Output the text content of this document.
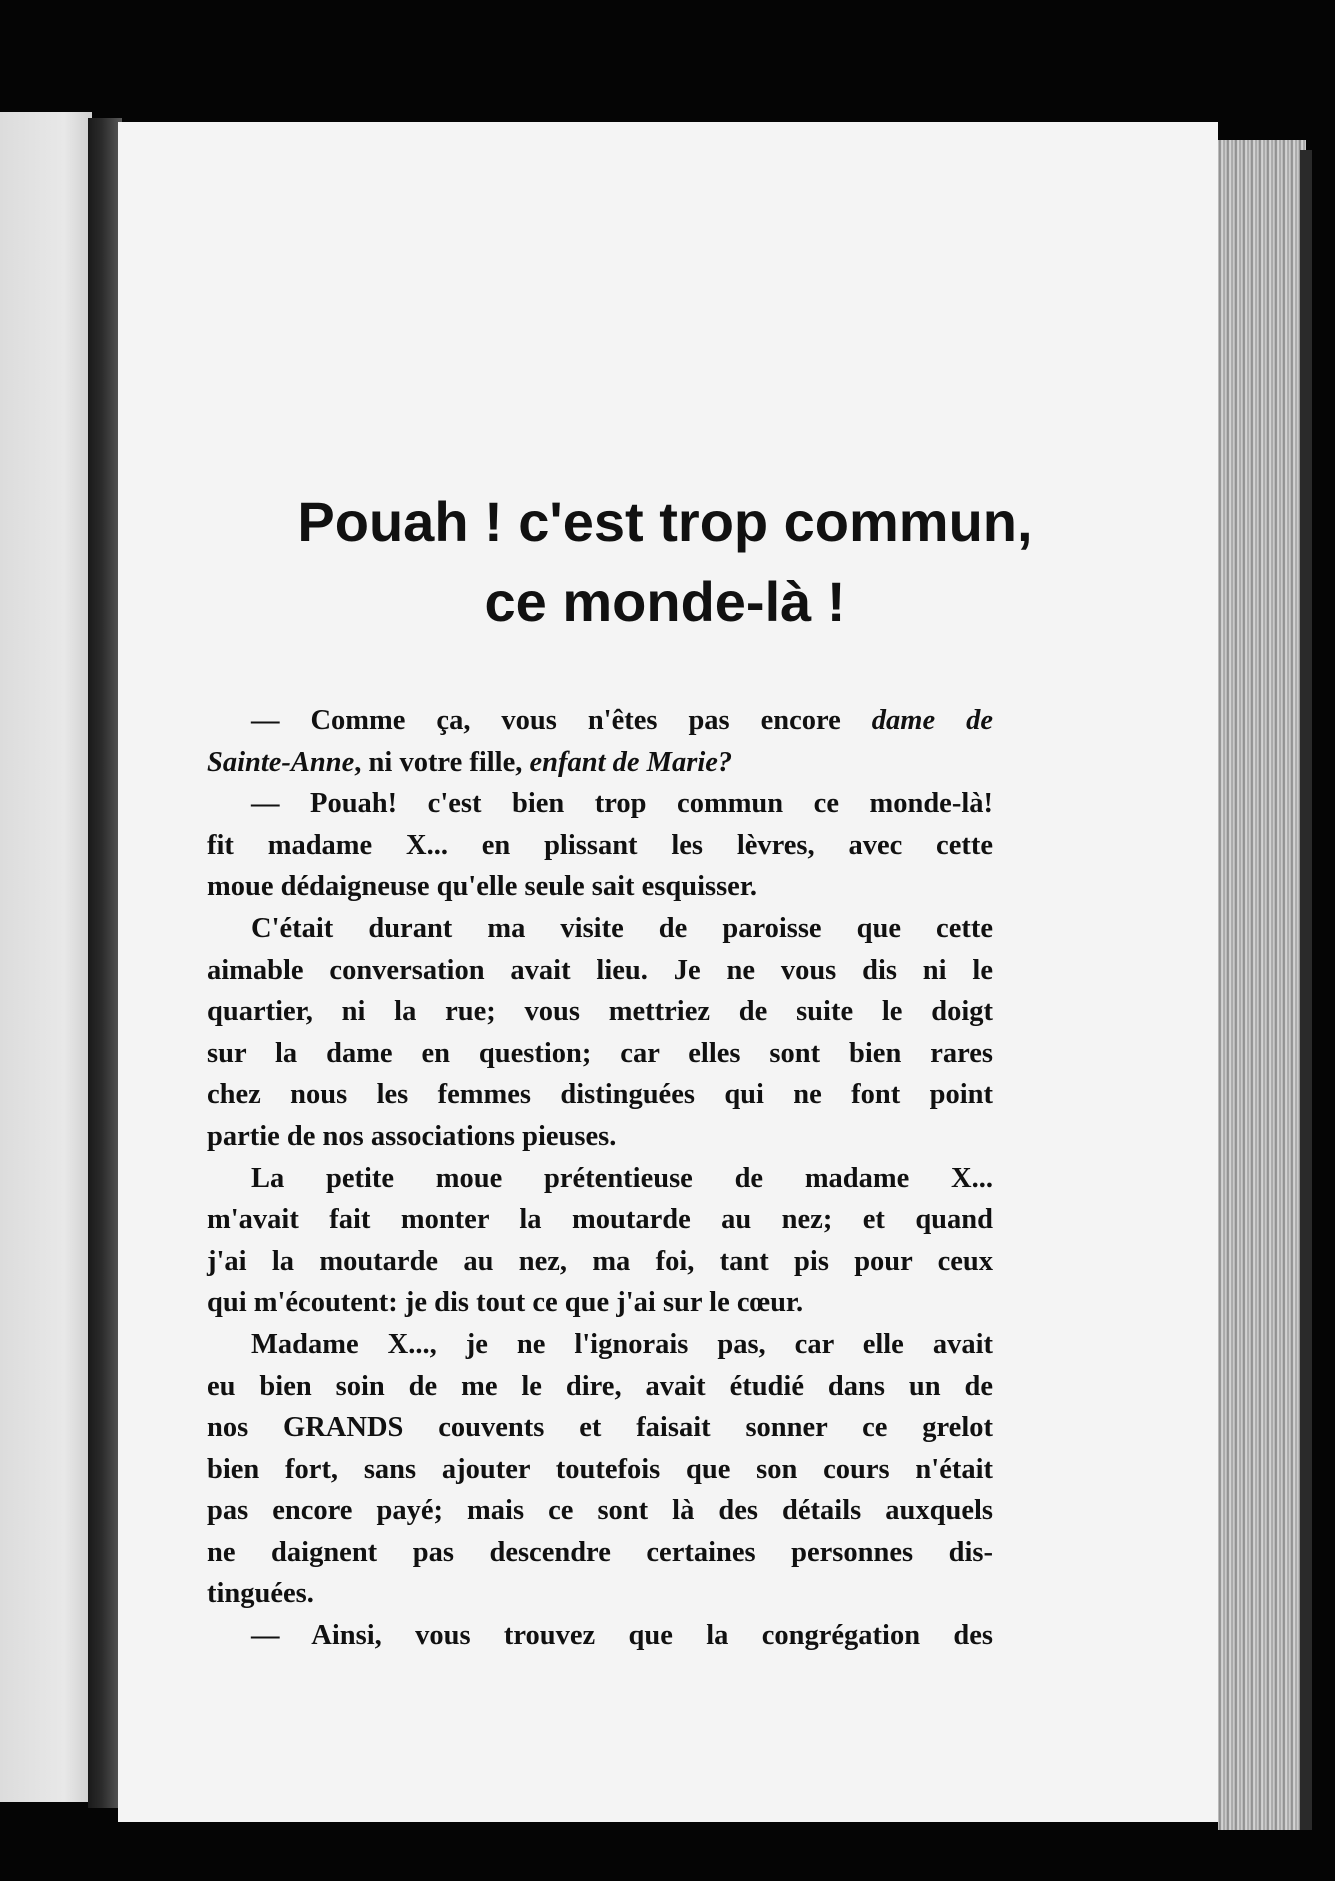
Pouah ! c'est trop commun,
ce monde-là !
— Comme ça, vous n'êtes pas encore dame de
Sainte-Anne, ni votre fille, enfant de Marie?
— Pouah! c'est bien trop commun ce monde-là!
fit madame X... en plissant les lèvres, avec cette
moue dédaigneuse qu'elle seule sait esquisser.
C'était durant ma visite de paroisse que cette
aimable conversation avait lieu. Je ne vous dis ni le
quartier, ni la rue; vous mettriez de suite le doigt
sur la dame en question; car elles sont bien rares
chez nous les femmes distinguées qui ne font point
partie de nos associations pieuses.
La petite moue prétentieuse de madame X...
m'avait fait monter la moutarde au nez; et quand
j'ai la moutarde au nez, ma foi, tant pis pour ceux
qui m'écoutent: je dis tout ce que j'ai sur le cœur.
Madame X..., je ne l'ignorais pas, car elle avait
eu bien soin de me le dire, avait étudié dans un de
nos GRANDS couvents et faisait sonner ce grelot
bien fort, sans ajouter toutefois que son cours n'était
pas encore payé; mais ce sont là des détails auxquels
ne daignent pas descendre certaines personnes dis-
tinguées.
— Ainsi, vous trouvez que la congrégation des
